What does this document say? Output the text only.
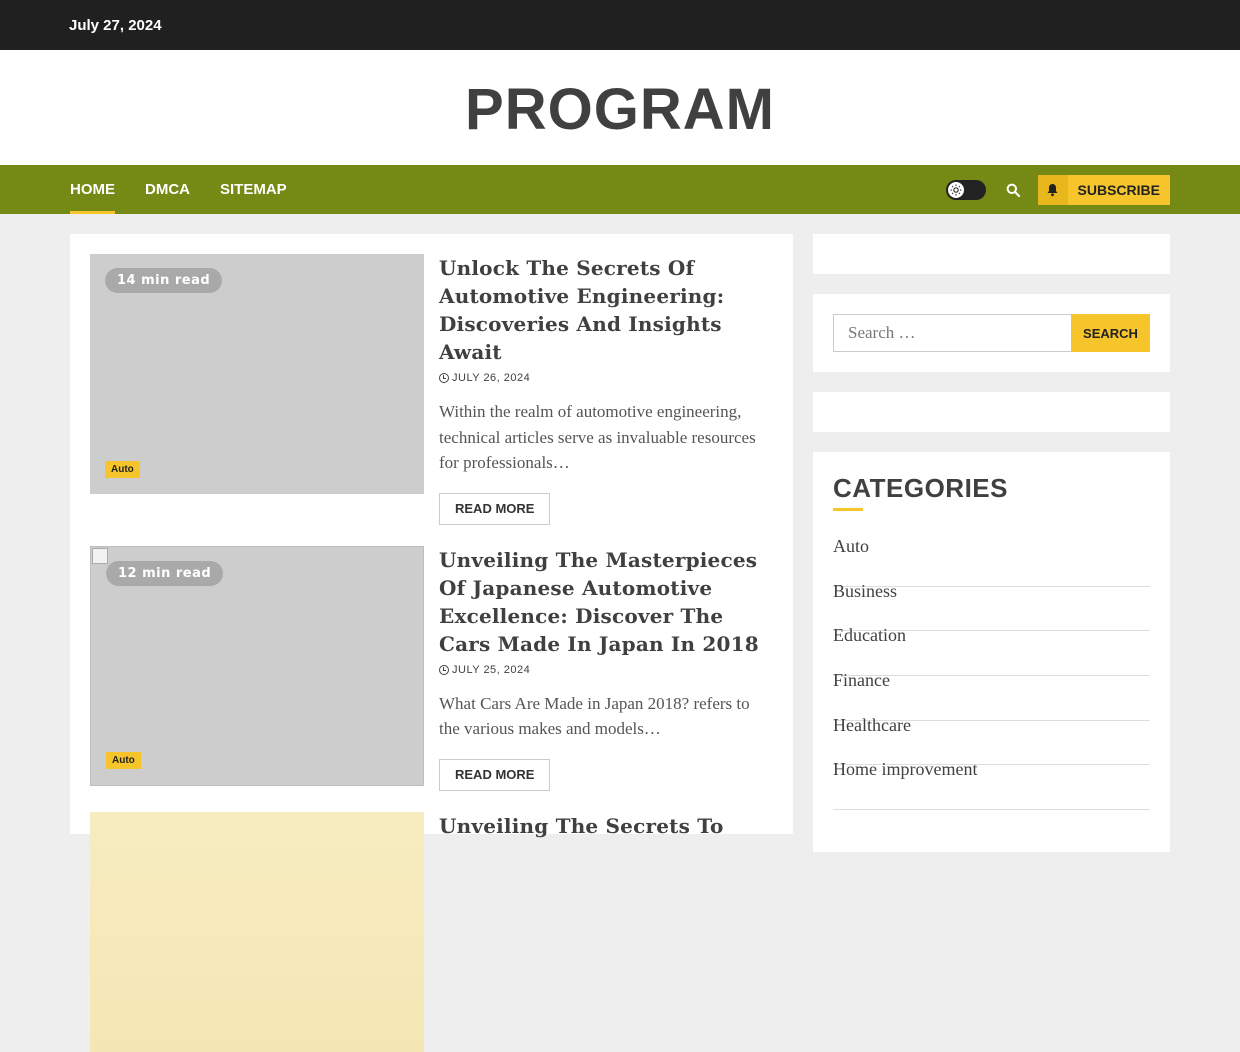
July 27, 2024
PROGRAM
HOME DMCA SITEMAP	SUBSCRIBE
14 min read
Auto
Unlock The Secrets Of Automotive Engineering: Discoveries And Insights Await
JULY 26, 2024
Within the realm of automotive engineering, technical articles serve as invaluable resources for professionals…
READ MORE
12 min read
Auto
Unveiling The Masterpieces Of Japanese Automotive Excellence: Discover The Cars Made In Japan In 2018
JULY 25, 2024
What Cars Are Made in Japan 2018? refers to the various makes and models…
READ MORE
Unveiling The Secrets To
Search …
SEARCH
CATEGORIES
Auto
Business
Education
Finance
Healthcare
Home improvement
